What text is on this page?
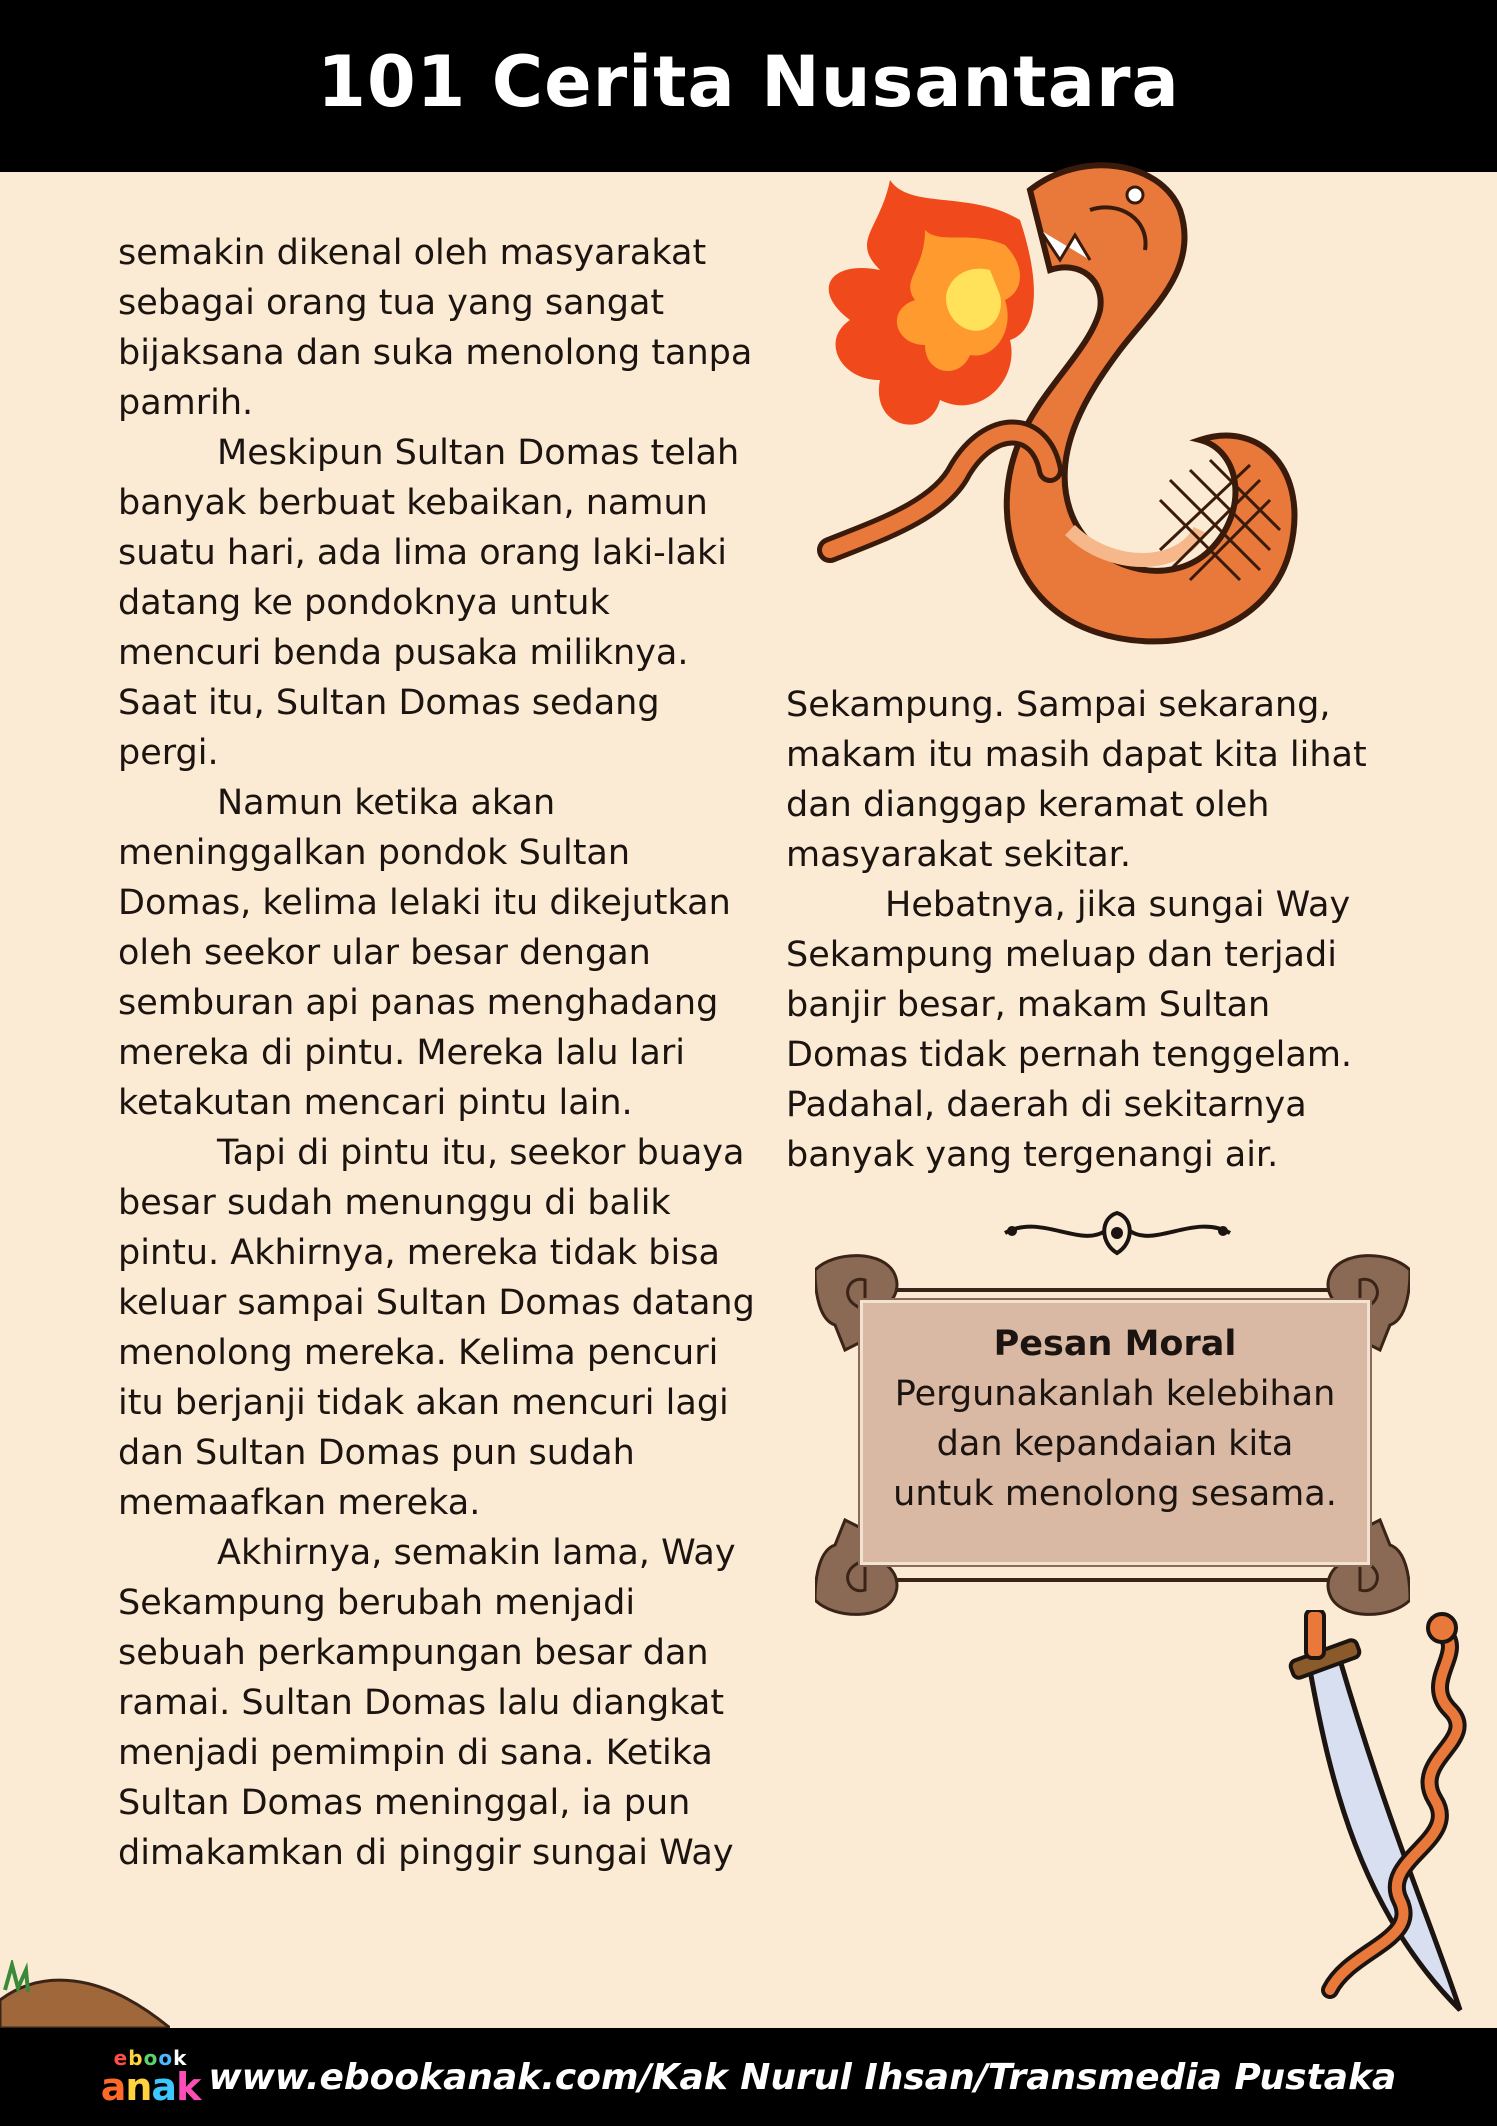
101 Cerita Nusantara

semakin dikenal oleh masyarakat sebagai orang tua yang sangat bijaksana dan suka menolong tanpa pamrih.

Meskipun Sultan Domas telah banyak berbuat kebaikan, namun suatu hari, ada lima orang laki-laki datang ke pondoknya untuk mencuri benda pusaka miliknya. Saat itu, Sultan Domas sedang pergi.

Namun ketika akan meninggalkan pondok Sultan Domas, kelima lelaki itu dikejutkan oleh seekor ular besar dengan semburan api panas menghadang mereka di pintu. Mereka lalu lari ketakutan mencari pintu lain.

Tapi di pintu itu, seekor buaya besar sudah menunggu di balik pintu. Akhirnya, mereka tidak bisa keluar sampai Sultan Domas datang menolong mereka. Kelima pencuri itu berjanji tidak akan mencuri lagi dan Sultan Domas pun sudah memaafkan mereka.

Akhirnya, semakin lama, Way Sekampung berubah menjadi sebuah perkampungan besar dan ramai. Sultan Domas lalu diangkat menjadi pemimpin di sana. Ketika Sultan Domas meninggal, ia pun dimakamkan di pinggir sungai Way

Sekampung. Sampai sekarang, makam itu masih dapat kita lihat dan dianggap keramat oleh masyarakat sekitar.

Hebatnya, jika sungai Way Sekampung meluap dan terjadi banjir besar, makam Sultan Domas tidak pernah tenggelam. Padahal, daerah di sekitarnya banyak yang tergenangi air.

Pesan Moral
Pergunakanlah kelebihan dan kepandaian kita untuk menolong sesama.
ebook
anak www.ebookanak.com/Kak Nurul Ihsan/Transmedia Pustaka
